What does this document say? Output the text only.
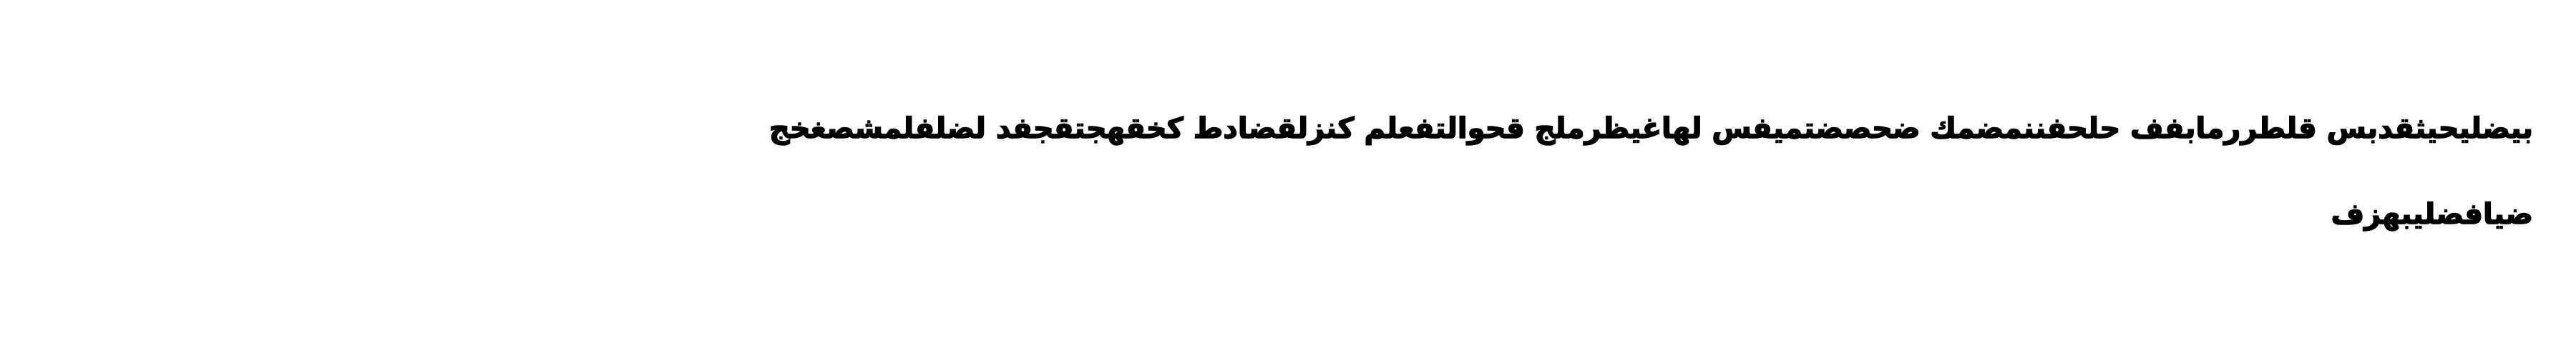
بيضليحيثقدبس قلطررمابفف حلحفننمضمك ضحصضتميفس لهاغيظرملج قحوالتفعلم كنزلقضادط كخقهجتقجفد لضلفلمشصغخج
ضيافضليبهزف
